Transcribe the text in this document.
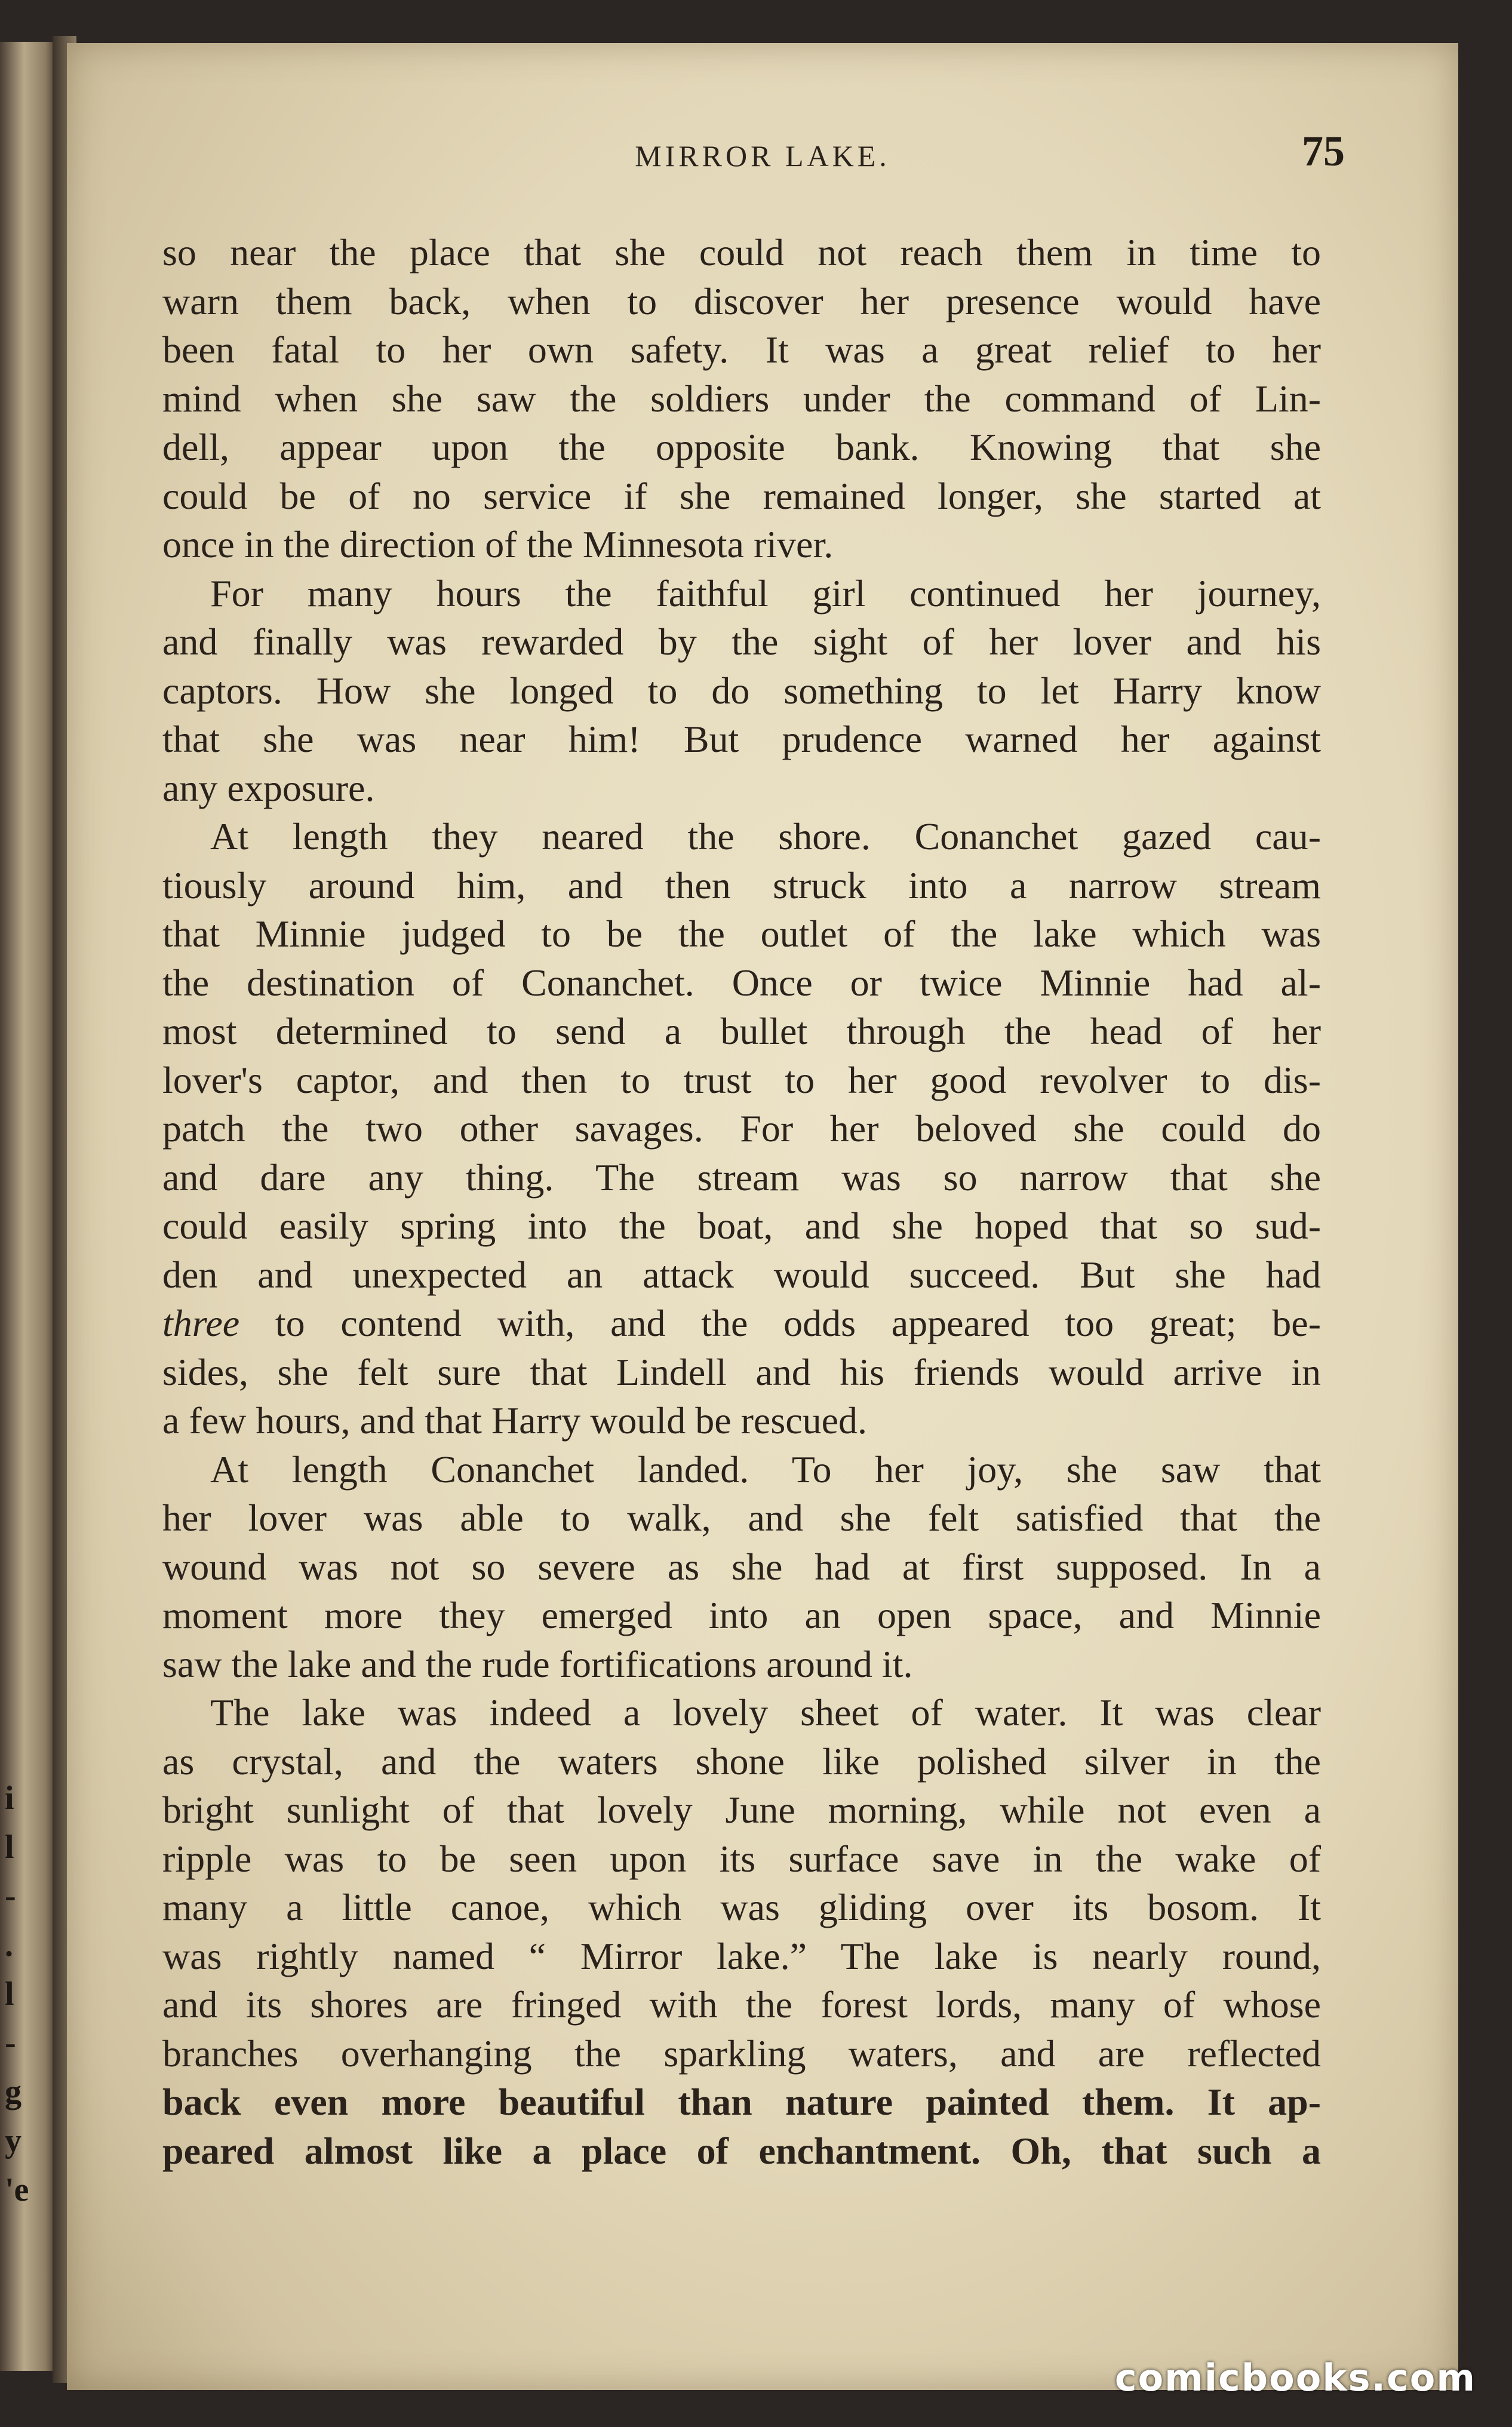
i
l
-
.
l
-
g
y
'e
MIRROR LAKE.	75
so near the place that she could not reach them in time to
warn them back, when to discover her presence would have
been fatal to her own safety. It was a great relief to her
mind when she saw the soldiers under the command of Lin-
dell, appear upon the opposite bank. Knowing that she
could be of no service if she remained longer, she started at
once in the direction of the Minnesota river.
For many hours the faithful girl continued her journey,
and finally was rewarded by the sight of her lover and his
captors. How she longed to do something to let Harry know
that she was near him! But prudence warned her against
any exposure.
At length they neared the shore. Conanchet gazed cau-
tiously around him, and then struck into a narrow stream
that Minnie judged to be the outlet of the lake which was
the destination of Conanchet. Once or twice Minnie had al-
most determined to send a bullet through the head of her
lover's captor, and then to trust to her good revolver to dis-
patch the two other savages. For her beloved she could do
and dare any thing. The stream was so narrow that she
could easily spring into the boat, and she hoped that so sud-
den and unexpected an attack would succeed. But she had
three to contend with, and the odds appeared too great; be-
sides, she felt sure that Lindell and his friends would arrive in
a few hours, and that Harry would be rescued.
At length Conanchet landed. To her joy, she saw that
her lover was able to walk, and she felt satisfied that the
wound was not so severe as she had at first supposed. In a
moment more they emerged into an open space, and Minnie
saw the lake and the rude fortifications around it.
The lake was indeed a lovely sheet of water. It was clear
as crystal, and the waters shone like polished silver in the
bright sunlight of that lovely June morning, while not even a
ripple was to be seen upon its surface save in the wake of
many a little canoe, which was gliding over its bosom. It
was rightly named “ Mirror lake.” The lake is nearly round,
and its shores are fringed with the forest lords, many of whose
branches overhanging the sparkling waters, and are reflected
back even more beautiful than nature painted them. It ap-
peared almost like a place of enchantment. Oh, that such a
comicbooks.com
